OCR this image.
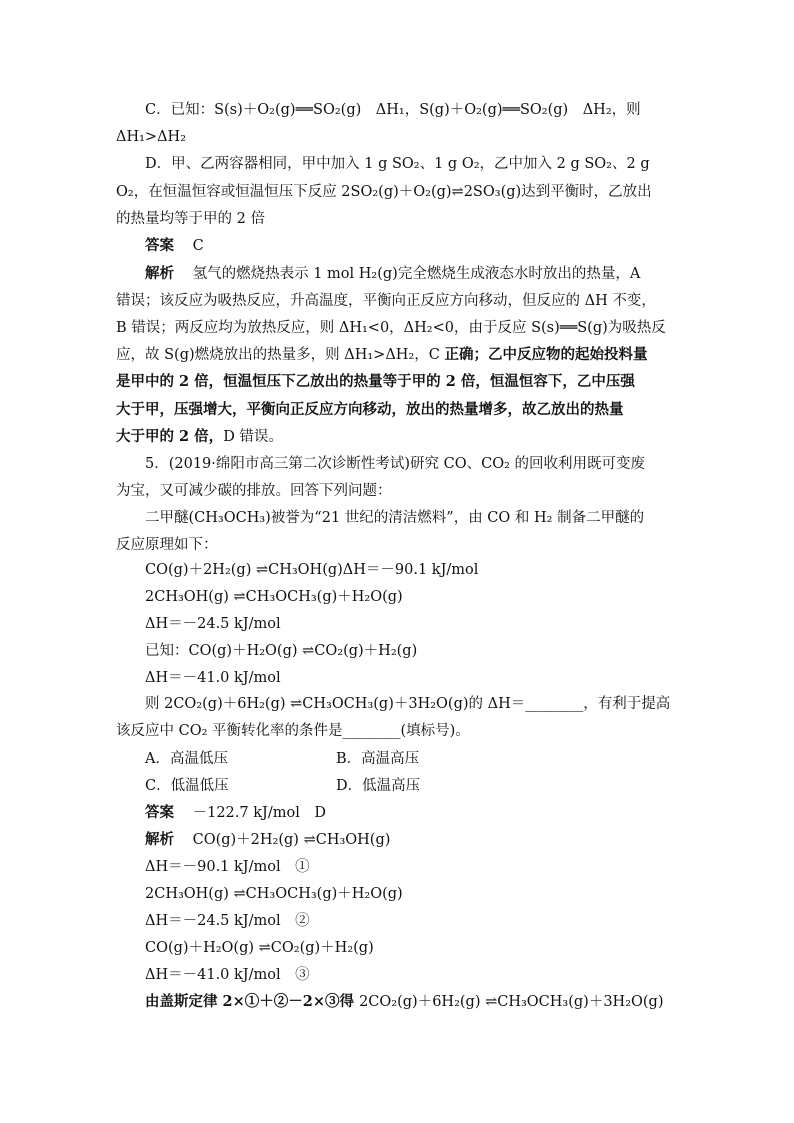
C．已知：S(s)＋O₂(g)══SO₂(g)　ΔH₁，S(g)＋O₂(g)══SO₂(g)　ΔH₂，则
ΔH₁>ΔH₂
D．甲、乙两容器相同，甲中加入 1 g SO₂、1 g O₂，乙中加入 2 g SO₂、2 g
O₂，在恒温恒容或恒温恒压下反应 2SO₂(g)＋O₂(g)⇌2SO₃(g)达到平衡时，乙放出
的热量均等于甲的 2 倍
答案 C
解析 氢气的燃烧热表示 1 mol H₂(g)完全燃烧生成液态水时放出的热量，A
错误；该反应为吸热反应，升高温度，平衡向正反应方向移动，但反应的 ΔH 不变，
B 错误；两反应均为放热反应，则 ΔH₁<0，ΔH₂<0，由于反应 S(s)══S(g)为吸热反
应，故 S(g)燃烧放出的热量多，则 ΔH₁>ΔH₂，C 正确；乙中反应物的起始投料量
是甲中的 2 倍，恒温恒压下乙放出的热量等于甲的 2 倍，恒温恒容下，乙中压强
大于甲，压强增大，平衡向正反应方向移动，放出的热量增多，故乙放出的热量
大于甲的 2 倍，D 错误。
5．(2019·绵阳市高三第二次诊断性考试)研究 CO、CO₂ 的回收利用既可变废
为宝，又可减少碳的排放。回答下列问题：
二甲醚(CH₃OCH₃)被誉为“21 世纪的清洁燃料”，由 CO 和 H₂ 制备二甲醚的
反应原理如下：
CO(g)＋2H₂(g) ⇌CH₃OH(g)ΔH＝－90.1 kJ/mol
2CH₃OH(g) ⇌CH₃OCH₃(g)＋H₂O(g)
ΔH＝－24.5 kJ/mol
已知：CO(g)＋H₂O(g) ⇌CO₂(g)＋H₂(g)
ΔH＝－41.0 kJ/mol
则 2CO₂(g)＋6H₂(g) ⇌CH₃OCH₃(g)＋3H₂O(g)的 ΔH＝________，有利于提高
该反应中 CO₂ 平衡转化率的条件是________(填标号)。
A．高温低压	B．高温高压
C．低温低压	D．低温高压
答案 －122.7 kJ/mol　D
解析 CO(g)＋2H₂(g) ⇌CH₃OH(g)
ΔH＝－90.1 kJ/mol　①
2CH₃OH(g) ⇌CH₃OCH₃(g)＋H₂O(g)
ΔH＝－24.5 kJ/mol　②
CO(g)＋H₂O(g) ⇌CO₂(g)＋H₂(g)
ΔH＝－41.0 kJ/mol　③
由盖斯定律 2×①＋②－2×③得 2CO₂(g)＋6H₂(g) ⇌CH₃OCH₃(g)＋3H₂O(g)
